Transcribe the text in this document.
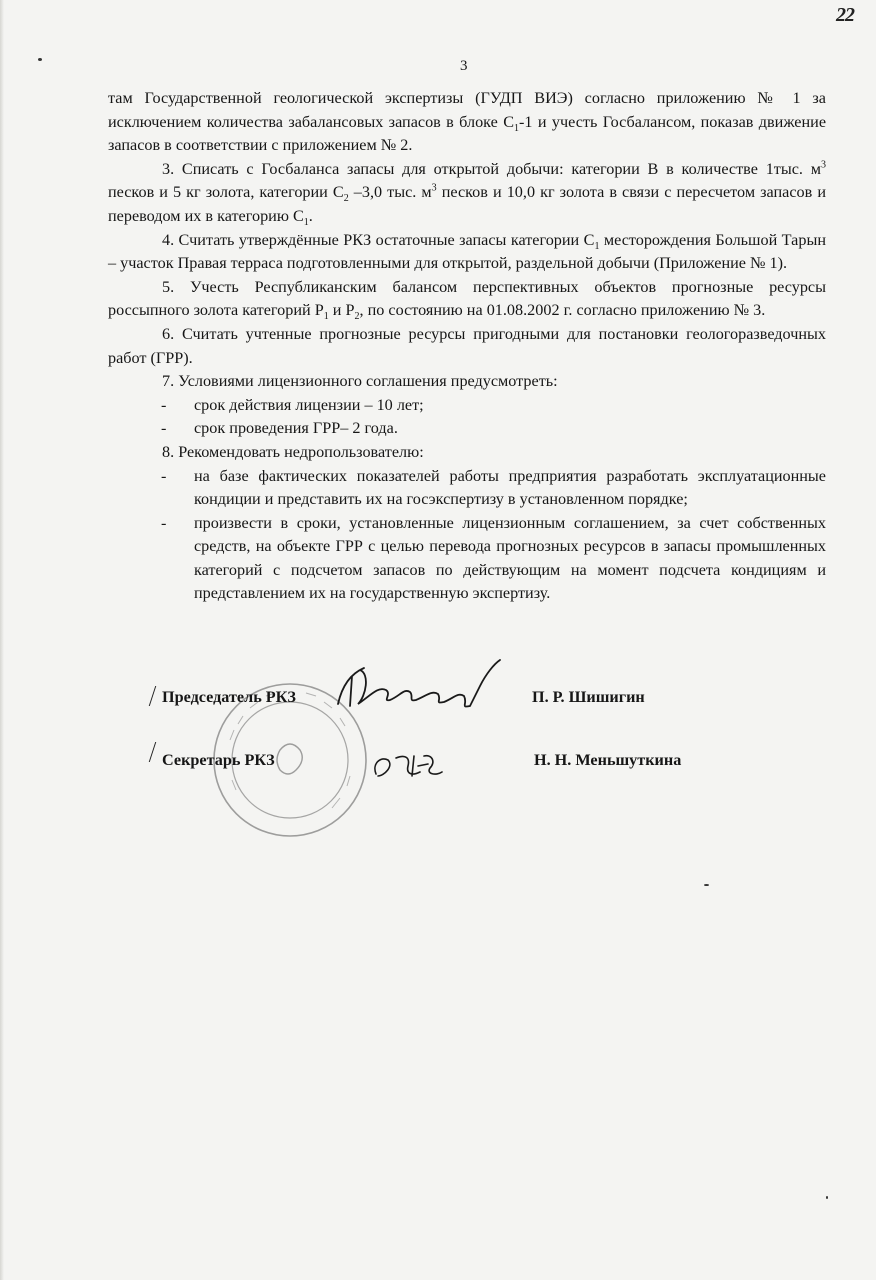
22
3

там Государственной геологической экспертизы (ГУДП ВИЭ) согласно приложению № 1 за исключением количества забалансовых запасов в блоке $С_1-1$ и учесть Госбалансом, показав движение запасов в соответствии с приложением № 2.

3. Списать с Госбаланса запасы для открытой добычи: категории В в количестве 1тыс. $м^3$ песков и 5 кг золота, категории $С_2$ –3,0 тыс. $м^3$ песков и 10,0 кг золота в связи с пересчетом запасов и переводом их в категорию $С_1$.

4. Считать утверждённые РКЗ остаточные запасы категории $С_1$ месторождения Большой Тарын – участок Правая терраса подготовленными для открытой, раздельной добычи (Приложение № 1).

5. Учесть Республиканским балансом перспективных объектов прогнозные ресурсы россыпного золота категорий $Р_1$ и $Р_2$, по состоянию на 01.08.2002 г. согласно приложению № 3.

6. Считать учтенные прогнозные ресурсы пригодными для постановки геологоразведочных работ (ГРР).

7. Условиями лицензионного соглашения предусмотреть:

-	срок действия лицензии – 10 лет;
-	срок проведения ГРР– 2 года.

8. Рекомендовать недропользователю:

-	на базе фактических показателей работы предприятия разработать эксплуатационные кондиции и представить их на госэкспертизу в установленном порядке;
-	произвести в сроки, установленные лицензионным соглашением, за счет собственных средств, на объекте ГРР с целью перевода прогнозных ресурсов в запасы промышленных категорий с подсчетом запасов по действующим на момент подсчета кондициям и представлением их на государственную экспертизу.
Председатель РКЗ	П. Р. Шишигин
Секретарь РКЗ	Н. Н. Меньшуткина
